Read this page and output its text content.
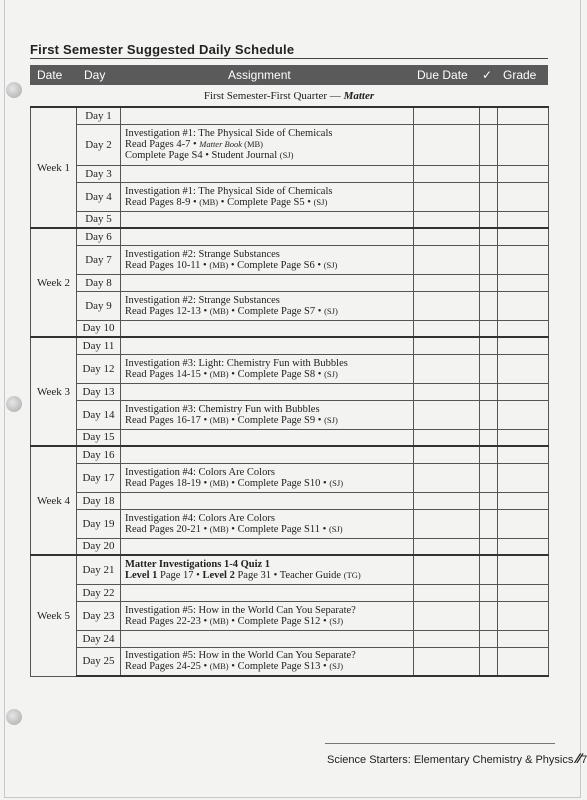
First Semester Suggested Daily Schedule
Date Day	Assignment	Due Date ✓ Grade
First Semester-First Quarter — Matter
Week 1	Day 1				
	Day 2	Investigation #1: The Physical Side of Chemicals
Read Pages 4-7 • Matter Book (MB)
Complete Page S4 • Student Journal (SJ)			

	Day 3				
	Day 4	Investigation #1: The Physical Side of Chemicals
Read Pages 8-9 • (MB) • Complete Page S5 • (SJ)			

	Day 5				
Week 2	Day 6				
	Day 7	Investigation #2: Strange Substances
Read Pages 10-11 • (MB) • Complete Page S6 • (SJ)			

	Day 8				
	Day 9	Investigation #2: Strange Substances
Read Pages 12-13 • (MB) • Complete Page S7 • (SJ)			

	Day 10				
Week 3	Day 11				
	Day 12	Investigation #3: Light: Chemistry Fun with Bubbles
Read Pages 14-15 • (MB) • Complete Page S8 • (SJ)			

	Day 13				
	Day 14	Investigation #3: Chemistry Fun with Bubbles
Read Pages 16-17 • (MB) • Complete Page S9 • (SJ)			

	Day 15				
Week 4	Day 16				
	Day 17	Investigation #4: Colors Are Colors
Read Pages 18-19 • (MB) • Complete Page S10 • (SJ)			

	Day 18				
	Day 19	Investigation #4: Colors Are Colors
Read Pages 20-21 • (MB) • Complete Page S11 • (SJ)			

	Day 20				
Week 5	Day 21	Matter Investigations 1-4 Quiz 1
Level 1 Page 17 • Level 2 Page 31 • Teacher Guide (TG)			

	Day 22				
	Day 23	Investigation #5: How in the World Can You Separate?
Read Pages 22-23 • (MB) • Complete Page S12 • (SJ)			

	Day 24				
	Day 25	Investigation #5: How in the World Can You Separate?
Read Pages 24-25 • (MB) • Complete Page S13 • (SJ)			

Science Starters: Elementary Chemistry & Physics ∕∕7
